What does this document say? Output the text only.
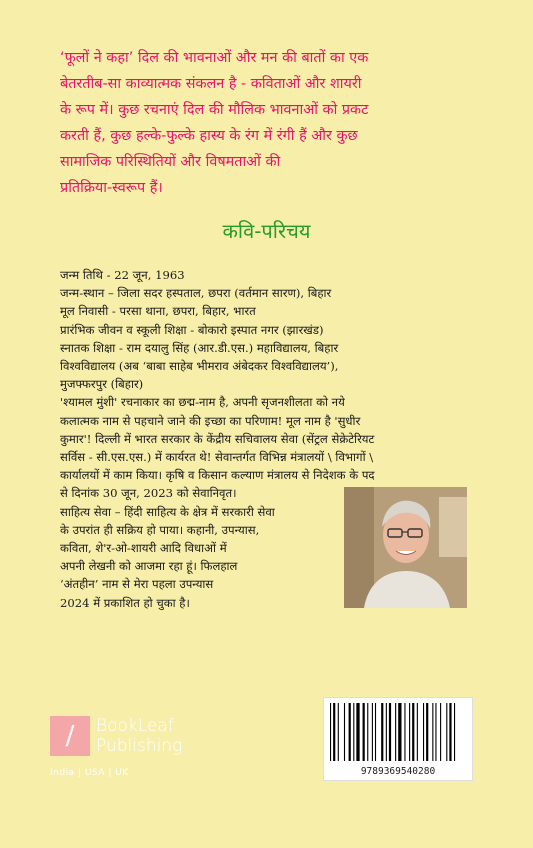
‘फूलों ने कहा’ दिल की भावनाओं और मन की बातों का एक
बेतरतीब-सा काव्यात्मक संकलन है - कविताओं और शायरी
के रूप में। कुछ रचनाएं दिल की मौलिक भावनाओं को प्रकट
करती हैं, कुछ हल्के-फुल्के हास्य के रंग में रंगी हैं और कुछ
सामाजिक परिस्थितियों और विषमताओं की
प्रतिक्रिया-स्वरूप हैं।
कवि-परिचय
जन्म तिथि - 22 जून, 1963
जन्म-स्थान – जिला सदर हस्पताल, छपरा (वर्तमान सारण), बिहार
मूल निवासी - परसा थाना, छपरा, बिहार, भारत
प्रारंभिक जीवन व स्कूली शिक्षा - बोकारो इस्पात नगर (झारखंड)
स्नातक शिक्षा - राम दयालु सिंह (आर.डी.एस.) महाविद्यालय, बिहार
विश्वविद्यालय (अब ‘बाबा साहेब भीमराव अंबेदकर विश्वविद्यालय’),
मुजफ्फरपुर (बिहार)
'श्यामल मुंशी' रचनाकार का छद्म-नाम है, अपनी सृजनशीलता को नये
कलात्मक नाम से पहचाने जाने की इच्छा का परिणाम! मूल नाम है 'सुधीर
कुमार'! दिल्ली में भारत सरकार के केंद्रीय सचिवालय सेवा (सेंट्रल सेक्रेटेरियट
सर्विस - सी.एस.एस.) में कार्यरत थे! सेवान्तर्गत विभिन्न मंत्रालयों \ विभागों \
कार्यालयों में काम किया। कृषि व किसान कल्याण मंत्रालय से निदेशक के पद
से दिनांक 30 जून, 2023 को सेवानिवृत।
साहित्य सेवा – हिंदी साहित्य के क्षेत्र में सरकारी सेवा
के उपरांत ही सक्रिय हो पाया। कहानी, उपन्यास,
कविता, शे'र-ओ-शायरी आदि विधाओं में
अपनी लेखनी को आजमा रहा हूं। फिलहाल
‘अंतहीन’ नाम से मेरा पहला उपन्यास
2024 में प्रकाशित हो चुका है।
/	BookLeaf
Publishing
India | USA | UK	9789369540280
